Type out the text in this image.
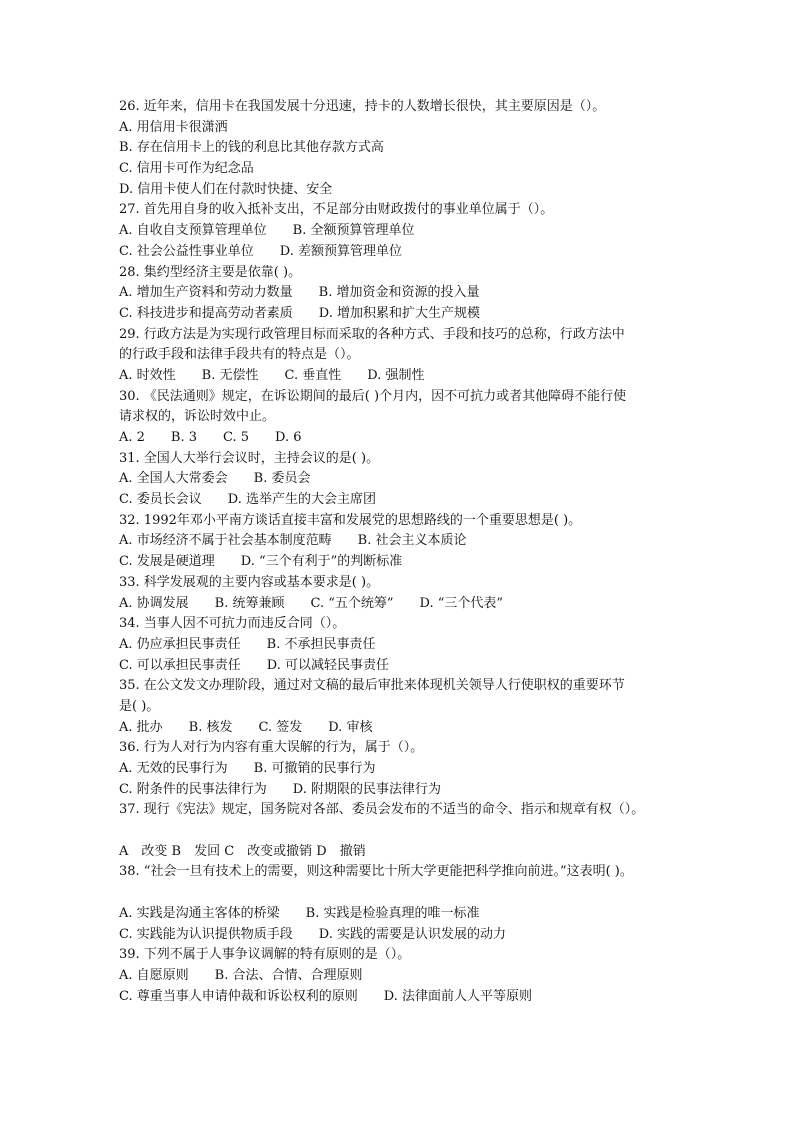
26. 近年来，信用卡在我国发展十分迅速，持卡的人数增长很快，其主要原因是（）。
A. 用信用卡很潇洒
B. 存在信用卡上的钱的利息比其他存款方式高
C. 信用卡可作为纪念品
D. 信用卡使人们在付款时快捷、安全
27. 首先用自身的收入抵补支出，不足部分由财政拨付的事业单位属于（）。
A. 自收自支预算管理单位　　B. 全额预算管理单位
C. 社会公益性事业单位　　D. 差额预算管理单位
28. 集约型经济主要是依靠( )。
A. 增加生产资料和劳动力数量　　B. 增加资金和资源的投入量
C. 科技进步和提高劳动者素质　　D. 增加积累和扩大生产规模
29. 行政方法是为实现行政管理目标而采取的各种方式、手段和技巧的总称，行政方法中
的行政手段和法律手段共有的特点是（）。
A. 时效性　　B. 无偿性　　C. 垂直性　　D. 强制性
30. 《民法通则》规定，在诉讼期间的最后( )个月内，因不可抗力或者其他障碍不能行使
请求权的，诉讼时效中止。
A. 2　　B. 3　　C. 5　　D. 6
31. 全国人大举行会议时，主持会议的是( )。
A. 全国人大常委会　　B. 委员会
C. 委员长会议　　D. 选举产生的大会主席团
32. 1992年邓小平南方谈话直接丰富和发展党的思想路线的一个重要思想是( )。
A. 市场经济不属于社会基本制度范畴　　B. 社会主义本质论
C. 发展是硬道理　　D. “三个有利于”的判断标准
33. 科学发展观的主要内容或基本要求是( )。
A. 协调发展　　B. 统筹兼顾　　C. “五个统筹”　　D. “三个代表”
34. 当事人因不可抗力而违反合同（）。
A. 仍应承担民事责任　　B. 不承担民事责任
C. 可以承担民事责任　　D. 可以减轻民事责任
35. 在公文发文办理阶段，通过对文稿的最后审批来体现机关领导人行使职权的重要环节
是( )。
A. 批办　　B. 核发　　C. 签发　　D. 审核
36. 行为人对行为内容有重大误解的行为，属于（）。
A. 无效的民事行为　　B. 可撤销的民事行为
C. 附条件的民事法律行为　　D. 附期限的民事法律行为
37. 现行《宪法》规定，国务院对各部、委员会发布的不适当的命令、指示和规章有权（）。
A　改变 B　发回 C　改变或撤销 D　撤销
38. “社会一旦有技术上的需要，则这种需要比十所大学更能把科学推向前进。”这表明( )。
A. 实践是沟通主客体的桥梁　　B. 实践是检验真理的唯一标准
C. 实践能为认识提供物质手段　　D. 实践的需要是认识发展的动力
39. 下列不属于人事争议调解的特有原则的是（）。
A. 自愿原则　　B. 合法、合情、合理原则
C. 尊重当事人申请仲裁和诉讼权利的原则　　D. 法律面前人人平等原则
